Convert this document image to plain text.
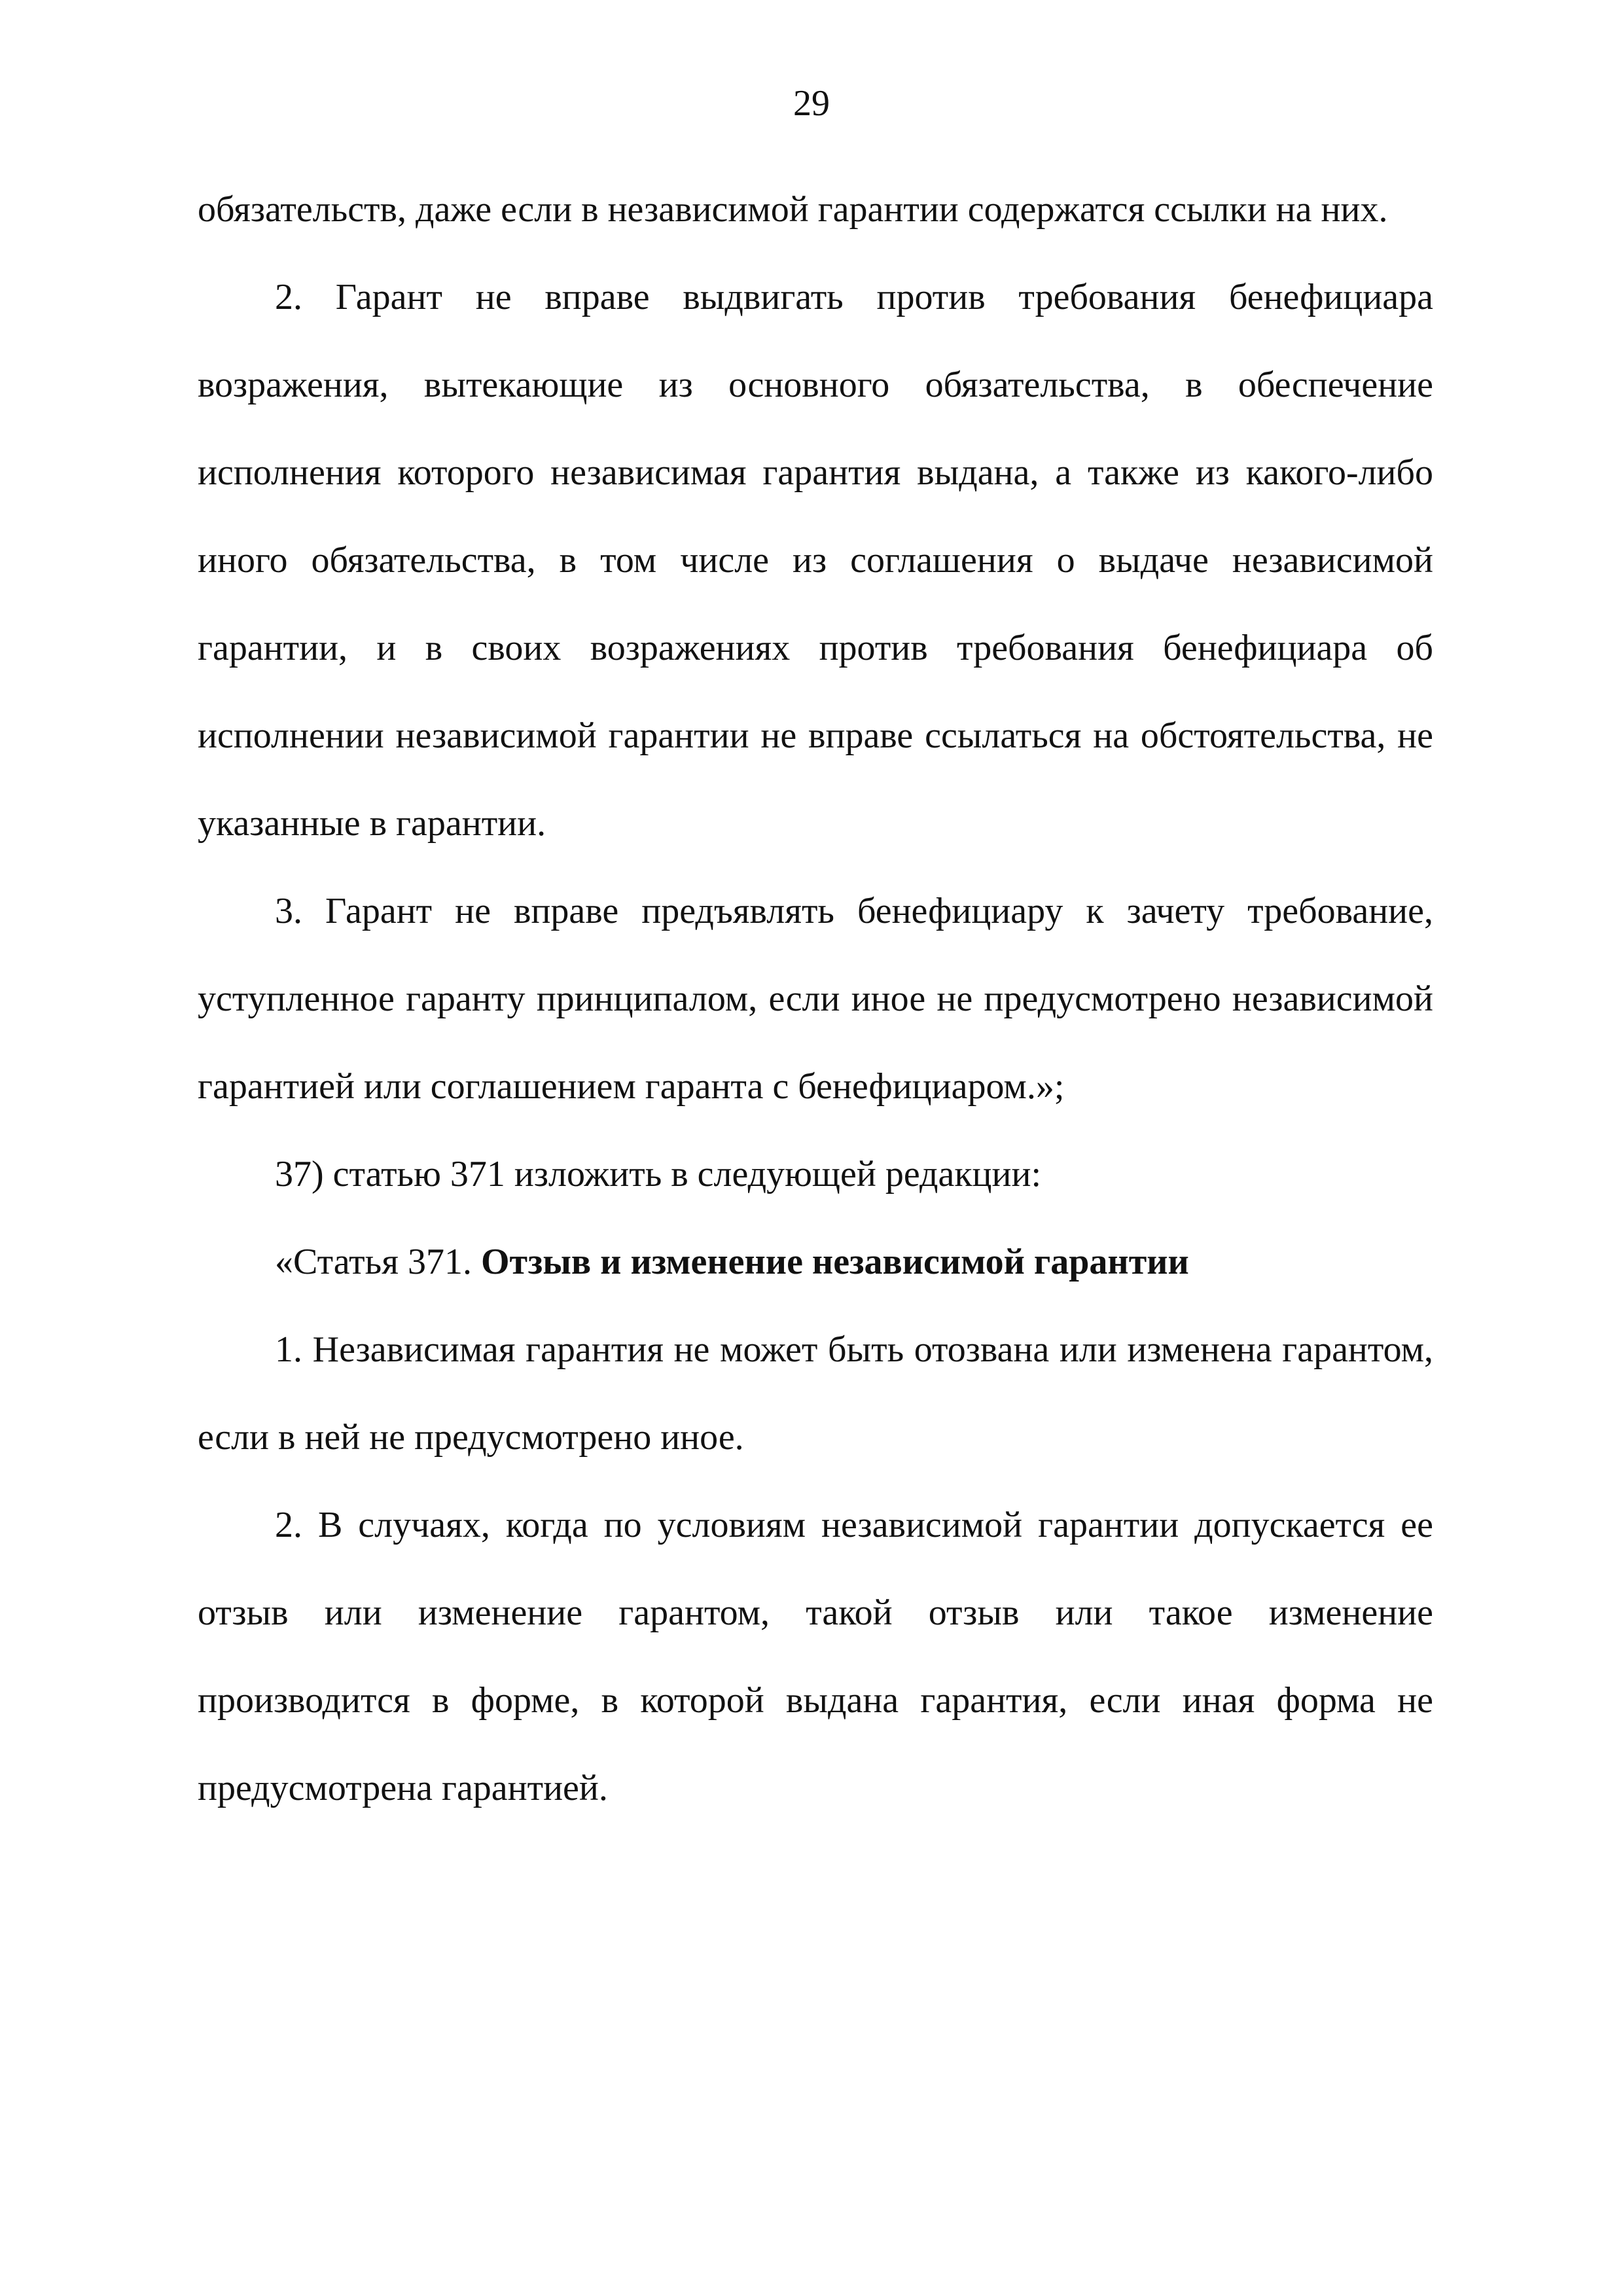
29

обязательств, даже если в независимой гарантии содержатся ссылки на них.

2. Гарант не вправе выдвигать против требования бенефициара возражения, вытекающие из основного обязательства, в обеспечение исполнения которого независимая гарантия выдана, а также из какого-либо иного обязательства, в том числе из соглашения о выдаче независимой гарантии, и в своих возражениях против требования бенефициара об исполнении независимой гарантии не вправе ссылаться на обстоятельства, не указанные в гарантии.

3. Гарант не вправе предъявлять бенефициару к зачету требование, уступленное гаранту принципалом, если иное не предусмотрено независимой гарантией или соглашением гаранта с бенефициаром.»;

37) статью 371 изложить в следующей редакции:

«Статья 371. Отзыв и изменение независимой гарантии

1. Независимая гарантия не может быть отозвана или изменена гарантом, если в ней не предусмотрено иное.

2. В случаях, когда по условиям независимой гарантии допускается ее отзыв или изменение гарантом, такой отзыв или такое изменение производится в форме, в которой выдана гарантия, если иная форма не предусмотрена гарантией.
